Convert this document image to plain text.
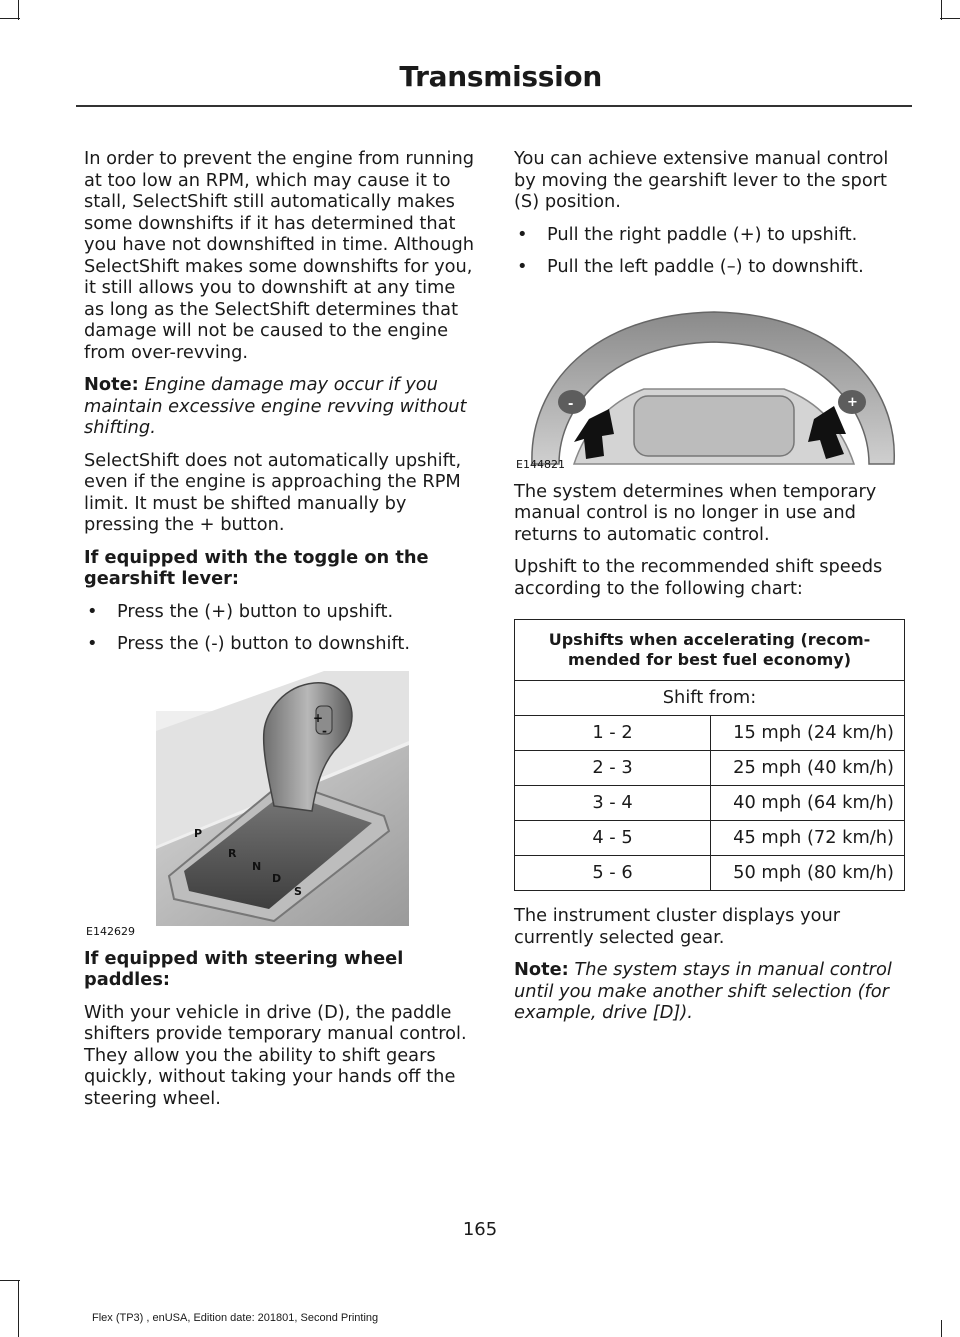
Transmission

In order to prevent the engine from running at too low an RPM, which may cause it to stall, SelectShift still automatically makes some downshifts if it has determined that you have not downshifted in time. Although SelectShift makes some downshifts for you, it still allows you to downshift at any time as long as the SelectShift determines that damage will not be caused to the engine from over-revving.

Note: Engine damage may occur if you maintain excessive engine revving without shifting.

SelectShift does not automatically upshift, even if the engine is approaching the RPM limit. It must be shifted manually by pressing the + button.

If equipped with the toggle on the gearshift lever:
• Press the (+) button to upshift.
• Press the (-) button to downshift.
+
-
P
R
N
D
S
E142629
If equipped with steering wheel paddles:

With your vehicle in drive (D), the paddle shifters provide temporary manual control. They allow you the ability to shift gears quickly, without taking your hands off the steering wheel.

You can achieve extensive manual control by moving the gearshift lever to the sport (S) position.

• Pull the right paddle (+) to upshift.
• Pull the left paddle (–) to downshift.
-	+
E144821

The system determines when temporary manual control is no longer in use and returns to automatic control.

Upshift to the recommended shift speeds according to the following chart:

Upshifts when accelerating (recom-mended for best fuel economy)	
Shift from:	
1 - 2	15 mph (24 km/h)
2 - 3	25 mph (40 km/h)
3 - 4	40 mph (64 km/h)
4 - 5	45 mph (72 km/h)
5 - 6	50 mph (80 km/h)

The instrument cluster displays your currently selected gear.

Note: The system stays in manual control until you make another shift selection (for example, drive [D]).

165
Flex (TP3) , enUSA, Edition date: 201801, Second Printing
